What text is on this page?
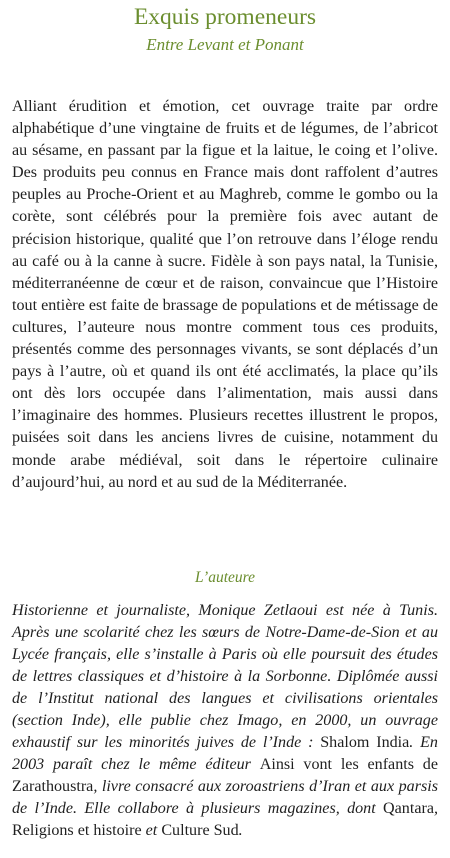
Exquis promeneurs
Entre Levant et Ponant

Alliant érudition et émotion, cet ouvrage traite par ordre alphabétique d’une vingtaine de fruits et de légumes, de l’abricot au sésame, en passant par la figue et la laitue, le coing et l’olive. Des produits peu connus en France mais dont raffolent d’autres peuples au Proche-Orient et au Maghreb, comme le gombo ou la corète, sont célébrés pour la première fois avec autant de précision historique, qualité que l’on retrouve dans l’éloge rendu au café ou à la canne à sucre. Fidèle à son pays natal, la Tunisie, méditerranéenne de cœur et de raison, convaincue que l’Histoire tout entière est faite de brassage de populations et de métissage de cultures, l’auteure nous montre comment tous ces produits, présentés comme des personnages vivants, se sont déplacés d’un pays à l’autre, où et quand ils ont été acclimatés, la place qu’ils ont dès lors occupée dans l’alimentation, mais aussi dans l’imaginaire des hommes. Plusieurs recettes illustrent le propos, puisées soit dans les anciens livres de cuisine, notamment du monde arabe médiéval, soit dans le répertoire culinaire d’aujourd’hui, au nord et au sud de la Méditerranée.

L’auteure

Historienne et journaliste, Monique Zetlaoui est née à Tunis. Après une scolarité chez les sœurs de Notre-Dame-de-Sion et au Lycée français, elle s’installe à Paris où elle poursuit des études de lettres classiques et d’histoire à la Sorbonne. Diplômée aussi de l’Institut national des langues et civilisations orientales (section Inde), elle publie chez Imago, en 2000, un ouvrage exhaustif sur les minorités juives de l’Inde : Shalom India. En 2003 paraît chez le même éditeur Ainsi vont les enfants de Zarathoustra, livre consacré aux zoroastriens d’Iran et aux parsis de l’Inde. Elle collabore à plusieurs magazines, dont Qantara, Religions et histoire et Culture Sud.
